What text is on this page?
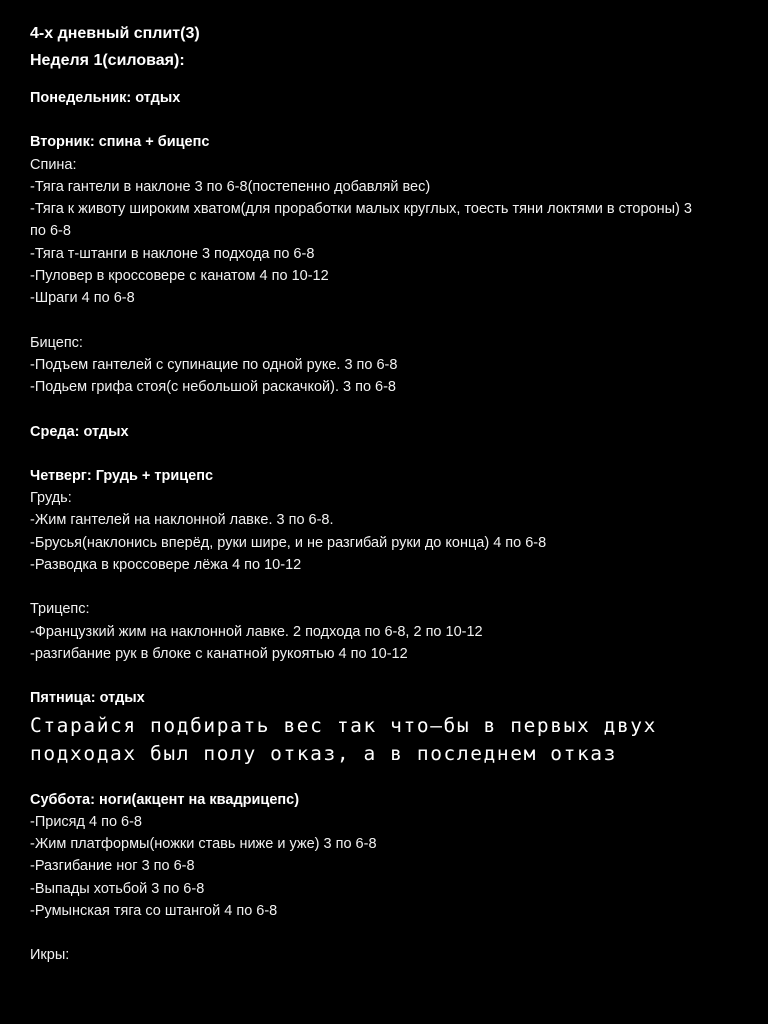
4-х дневный сплит(3)

Неделя 1(силовая):

Понедельник: отдых

Вторник: спина + бицепс

Спина:

-Тяга гантели в наклоне 3 по 6-8(постепенно добавляй вес)

-Тяга к животу широким хватом(для проработки малых круглых, тоесть тяни локтями в стороны) 3 по 6-8

-Тяга т-штанги в наклоне 3 подхода по 6-8

-Пуловер в кроссовере с канатом 4 по 10-12

-Шраги 4 по 6-8

Бицепс:

-Подъем гантелей с супинацие по одной руке. 3 по 6-8

-Подьем грифа стоя(с небольшой раскачкой). 3 по 6-8

Среда: отдых

Четверг: Грудь + трицепс

Грудь:

-Жим гантелей на наклонной лавке. 3 по 6-8.

-Брусья(наклонись вперёд, руки шире, и не разгибай руки до конца) 4 по 6-8

-Разводка в кроссовере лёжа 4 по 10-12

Трицепс:

-Французкий жим на наклонной лавке. 2 подхода по 6-8, 2 по 10-12

-разгибание рук в блоке с канатной рукоятью 4 по 10-12

Пятница: отдых

Старайся подбирать вес так что—бы в первых двух

подходах был полу отказ, а в последнем отказ

Суббота: ноги(акцент на квадрицепс)

-Присяд 4 по 6-8

-Жим платформы(ножки ставь ниже и уже) 3 по 6-8

-Разгибание ног 3 по 6-8

-Выпады хотьбой 3 по 6-8

-Румынская тяга со штангой 4 по 6-8

Икры:
